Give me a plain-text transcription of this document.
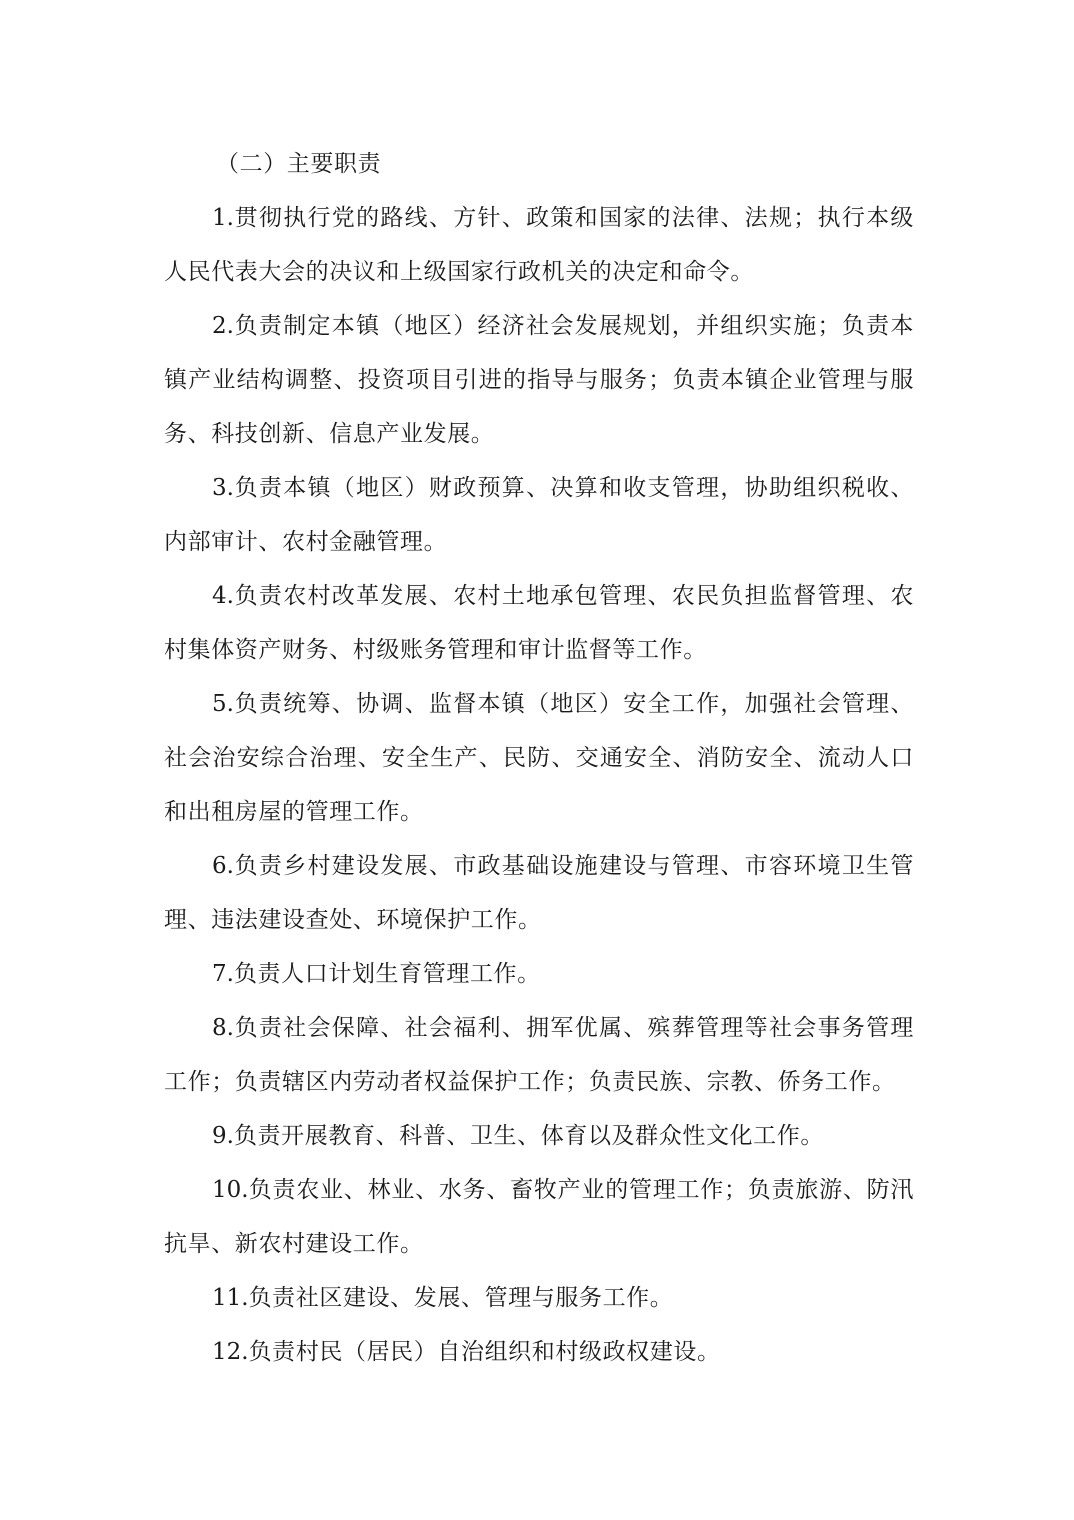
（二）主要职责

1.贯彻执行党的路线、方针、政策和国家的法律、法规；执行本级人民代表大会的决议和上级国家行政机关的决定和命令。

2.负责制定本镇（地区）经济社会发展规划，并组织实施；负责本镇产业结构调整、投资项目引进的指导与服务；负责本镇企业管理与服务、科技创新、信息产业发展。

3.负责本镇（地区）财政预算、决算和收支管理，协助组织税收、内部审计、农村金融管理。

4.负责农村改革发展、农村土地承包管理、农民负担监督管理、农村集体资产财务、村级账务管理和审计监督等工作。

5.负责统筹、协调、监督本镇（地区）安全工作，加强社会管理、社会治安综合治理、安全生产、民防、交通安全、消防安全、流动人口和出租房屋的管理工作。

6.负责乡村建设发展、市政基础设施建设与管理、市容环境卫生管理、违法建设查处、环境保护工作。

7.负责人口计划生育管理工作。

8.负责社会保障、社会福利、拥军优属、殡葬管理等社会事务管理工作；负责辖区内劳动者权益保护工作；负责民族、宗教、侨务工作。

9.负责开展教育、科普、卫生、体育以及群众性文化工作。

10.负责农业、林业、水务、畜牧产业的管理工作；负责旅游、防汛抗旱、新农村建设工作。

11.负责社区建设、发展、管理与服务工作。

12.负责村民（居民）自治组织和村级政权建设。
